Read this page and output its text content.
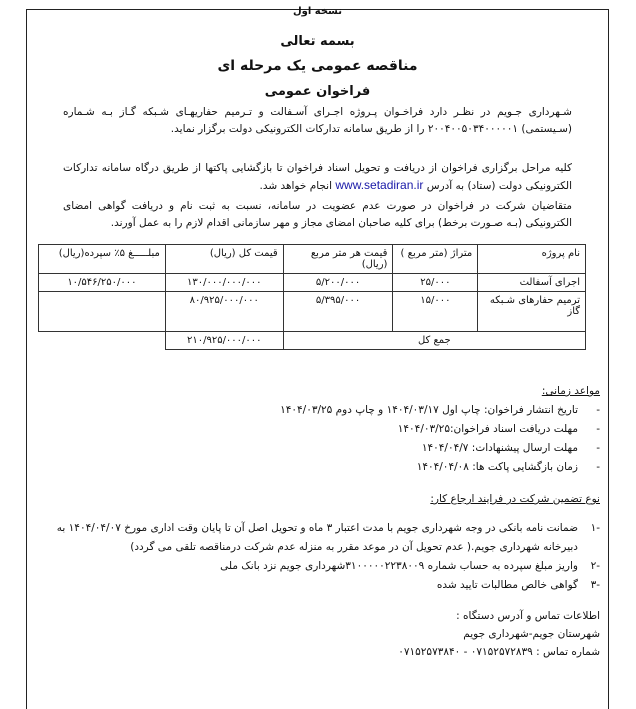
نسخه اول
بسمه تعالی
مناقصه عمومی یک مرحله ای
فراخوان عمومی
شـهرداری جـویم در نظـر دارد فراخـوان پـروژه اجـرای آسـفالت و تـرمیم حفاریهـای شـبکه گـاز بـه شـماره (سـیستمی) ۲۰۰۴۰۰۵۰۳۴۰۰۰۰۰۱ را از طریق سامانه تدارکات الکترونیکی دولت برگزار نماید.
کلیه مراحل برگزاری فراخوان از دریافت و تحویل اسناد فراخوان تا بازگشایی پاکتها از طریق درگاه سامانه تدارکات الکترونیکی دولت (ستاد) به آدرس www.setadiran.ir انجام خواهد شد.
متقاضیان شرکت در فراخوان در صورت عدم عضویت در سامانه، نسبت به ثبت نام و دریافت گواهی امضای الکترونیکی (بـه صـورت برخط) برای کلیه صاحبان امضای مجاز و مهر سازمانی اقدام لازم را به عمل آورند.
نام پروژه	متراژ (متر مربع )	قیمت هر متر مربع (ریال)	قیمت کل (ریال)	مبلـــــغ ۵٪ سپرده(ریال)
اجرای آسفالت	۲۵/۰۰۰	۵/۲۰۰/۰۰۰	۱۳۰/۰۰۰/۰۰۰/۰۰۰	۱۰/۵۴۶/۲۵۰/۰۰۰
ترمیم حفارهای شـبکه گاز	۱۵/۰۰۰	۵/۳۹۵/۰۰۰	۸۰/۹۲۵/۰۰۰/۰۰۰	
جمع کل			۲۱۰/۹۲۵/۰۰۰/۰۰۰	
مواعد زمانی:
-
تاریخ انتشار فراخوان: چاپ اول ۱۴۰۴/۰۳/۱۷ و چاپ دوم ۱۴۰۴/۰۳/۲۵
-
مهلت دریافت اسناد فراخوان:۱۴۰۴/۰۳/۲۵
-
مهلت ارسال پیشنهادات: ۱۴۰۴/۰۴/۷
-
زمان بازگشایی پاکت ها: ۱۴۰۴/۰۴/۰۸
نوع تضمین شرکت در فرایند ارجاع کار:
-۱
ضمانت نامه بانکی در وجه شهرداری جویم با مدت اعتبار ۳ ماه و تحویل اصل آن تا پایان وقت اداری مورخ ۱۴۰۴/۰۴/۰۷ به دبیرخانه شهرداری جویم.( عدم تحویل آن در موعد مقرر به منزله عدم شرکت درمناقصه تلقی می گردد)
-۲
واریز مبلغ سپرده به حساب شماره ۳۱۰۰۰۰۰۲۲۳۸۰۰۹شهرداری جویم نزد بانک ملی
-۳
گواهی خالص مطالبات تایید شده
اطلاعات تماس و آدرس دستگاه :
شهرستان جویم-شهرداری جویم
شماره تماس : ۰۷۱۵۲۵۷۲۸۳۹ - ۰۷۱۵۲۵۷۳۸۴۰
